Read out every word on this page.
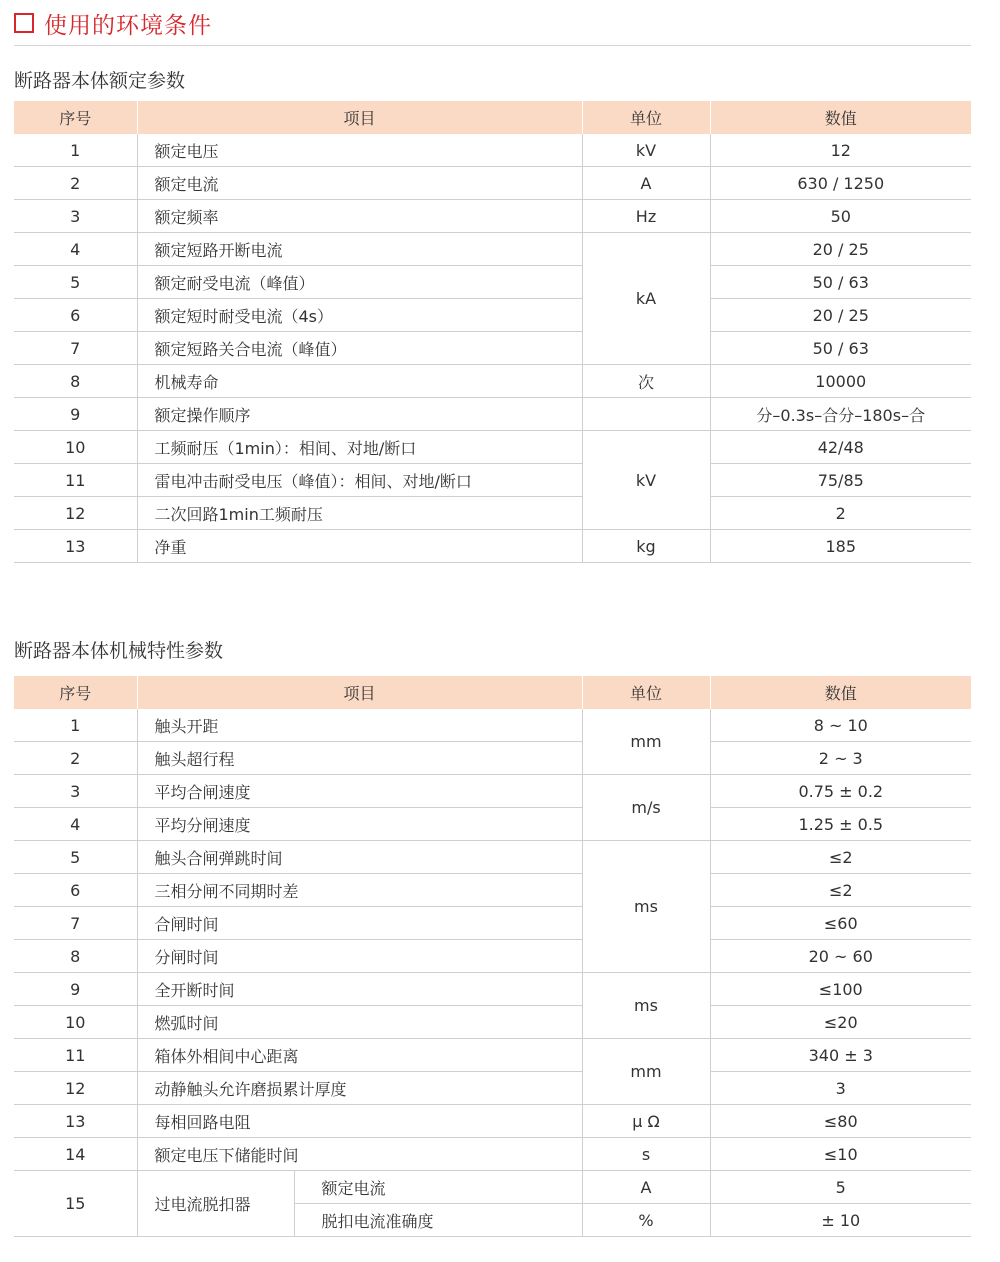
使用的环境条件
断路器本体额定参数
序号	项目	单位	数值
1	额定电压	kV	12
2	额定电流	A	630 / 1250
3	额定频率	Hz	50
4	额定短路开断电流	kA	20 / 25
5	额定耐受电流（峰值）		50 / 63
6	额定短时耐受电流（4s）		20 / 25
7	额定短路关合电流（峰值）		50 / 63
8	机械寿命	次	10000
9	额定操作顺序		分–0.3s–合分–180s–合
10	工频耐压（1min）：相间、对地/断口	kV	42/48
11	雷电冲击耐受电压（峰值）：相间、对地/断口		75/85
12	二次回路1min工频耐压		2
13	净重	kg	185
断路器本体机械特性参数
序号	项目		单位	数值
1	触头开距		mm	8 ~ 10
2	触头超行程			2 ~ 3
3	平均合闸速度		m/s	0.75 ± 0.2
4	平均分闸速度			1.25 ± 0.5
5	触头合闸弹跳时间		ms	≤2
6	三相分闸不同期时差			≤2
7	合闸时间			≤60
8	分闸时间			20 ~ 60
9	全开断时间		ms	≤100
10	燃弧时间			≤20
11	箱体外相间中心距离		mm	340 ± 3
12	动静触头允许磨损累计厚度			3
13	每相回路电阻		μ Ω	≤80
14	额定电压下储能时间		s	≤10
15	过电流脱扣器	额定电流	A	5
		脱扣电流准确度	%	± 10
